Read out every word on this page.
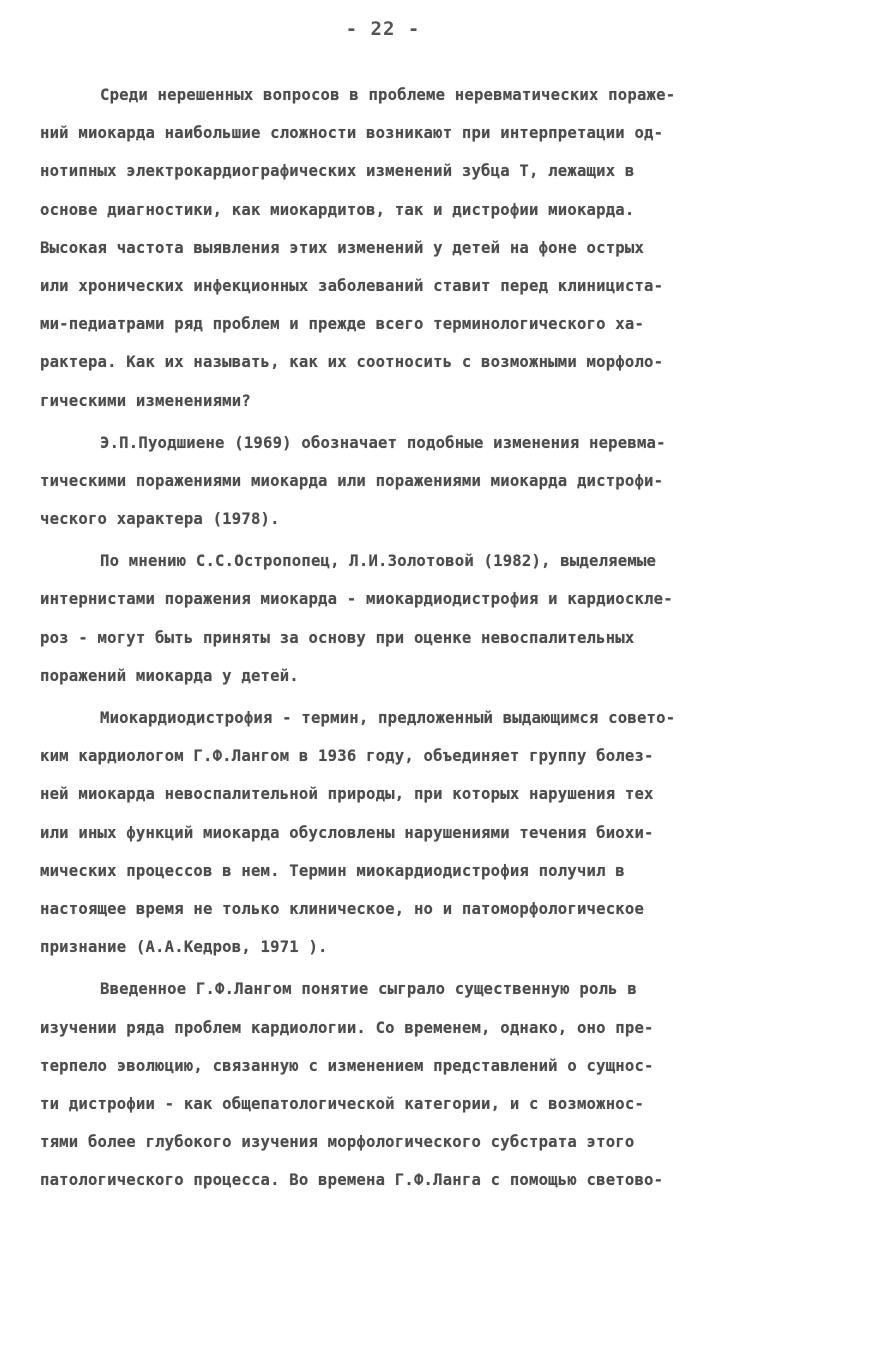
- 22 -
Среди нерешенных вопросов в проблеме неревматических пораже-
ний миокарда наибольшие сложности возникают при интерпретации од-
нотипных электрокардиографических изменений зубца Т, лежащих в
основе диагностики, как миокардитов, так и дистрофии миокарда.
Высокая частота выявления этих изменений у детей на фоне острых
или хронических инфекционных заболеваний ставит перед клинициста-
ми-педиатрами ряд проблем и прежде всего терминологического ха-
рактера. Как их называть, как их соотносить с возможными морфоло-
гическими изменениями?
Э.П.Пуодшиене (1969) обозначает подобные изменения неревма-
тическими поражениями миокарда или поражениями миокарда дистрофи-
ческого характера (1978).
По мнению С.С.Остропопец, Л.И.Золотовой (1982), выделяемые
интернистами поражения миокарда - миокардиодистрофия и кардиоскле-
роз - могут быть приняты за основу при оценке невоспалительных
поражений миокарда у детей.
Миокардиодистрофия - термин, предложенный выдающимся совето-
ким кардиологом Г.Ф.Лангом в 1936 году, объединяет группу болез-
ней миокарда невоспалительной природы, при которых нарушения тех
или иных функций миокарда обусловлены нарушениями течения биохи-
мических процессов в нем. Термин миокардиодистрофия получил в
настоящее время не только клиническое, но и патоморфологическое
признание (А.А.Кедров, 1971 ).
Введенное Г.Ф.Лангом понятие сыграло существенную роль в
изучении ряда проблем кардиологии. Со временем, однако, оно пре-
терпело эволюцию, связанную с изменением представлений о сущнос-
ти дистрофии - как общепатологической категории, и с возможнос-
тями более глубокого изучения морфологического субстрата этого
патологического процесса. Во времена Г.Ф.Ланга с помощью светово-
